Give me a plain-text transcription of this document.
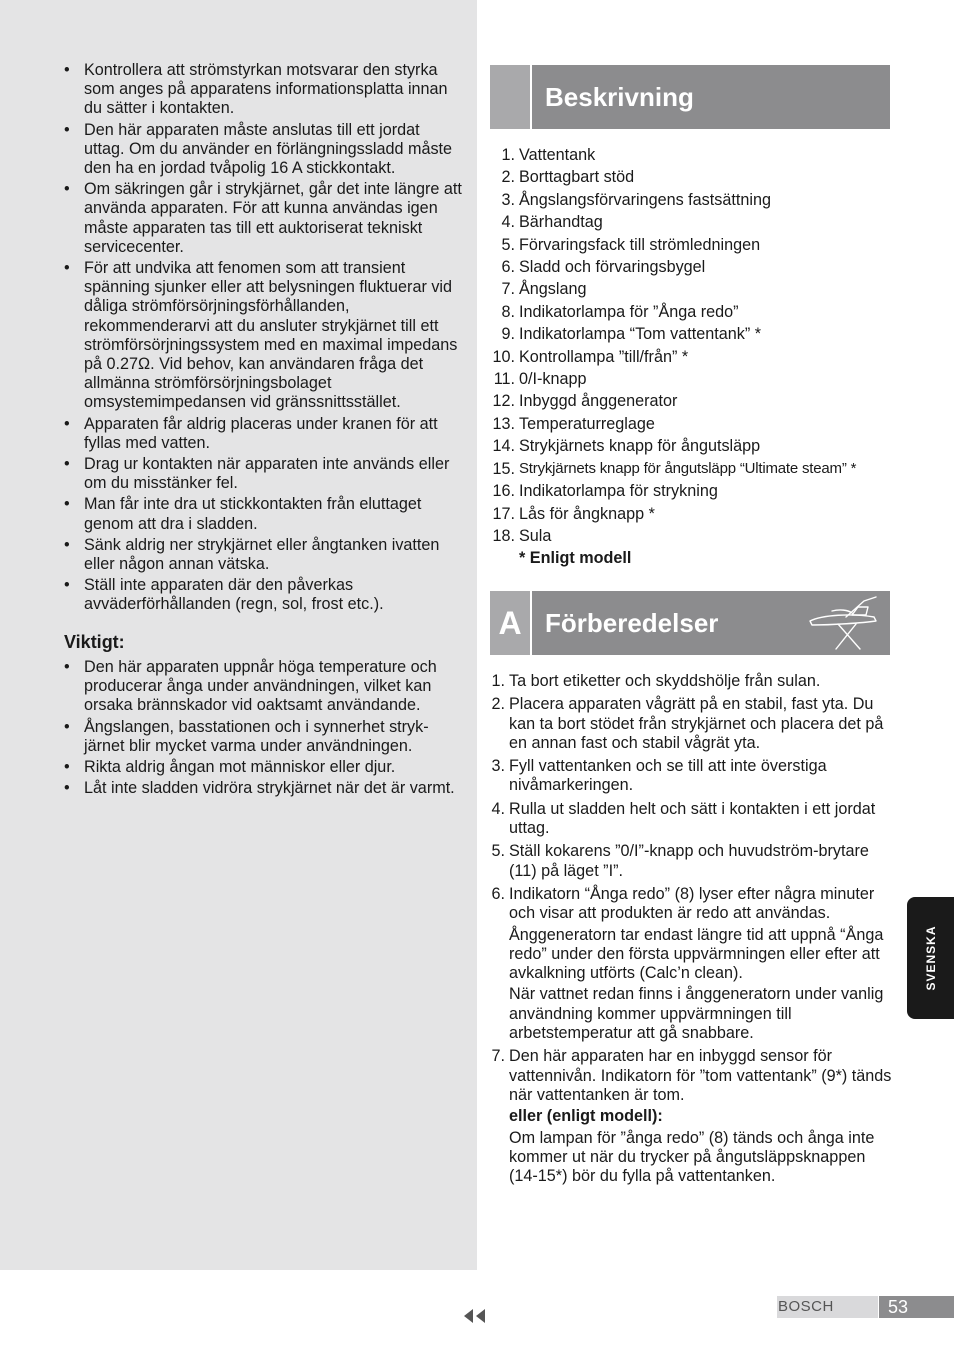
• Kontrollera att strömstyrkan motsvarar den styrka som anges på apparatens informationsplatta innan du sätter i kontakten.
• Den här apparaten måste anslutas till ett jordat uttag. Om du använder en förlängningssladd måste den ha en jordad tvåpolig 16 A stickkontakt.
• Om säkringen går i strykjärnet, går det inte längre att använda apparaten. För att kunna användas igen måste apparaten tas till ett auktoriserat tekniskt servicecenter.
• För att undvika att fenomen som att transient spänning sjunker eller att belysningen fluktuerar vid dåliga strömförsörjningsförhållanden, rekommenderarvi att du ansluter strykjärnet till ett strömförsörjningssystem med en maximal impedans på 0.27Ω. Vid behov, kan användaren fråga det allmänna strömförsörjningsbolaget omsystemimpedansen vid gränssnittsstället.
• Apparaten får aldrig placeras under kranen för att fyllas med vatten.
• Drag ur kontakten när apparaten inte används eller om du misstänker fel.
• Man får inte dra ut stickkontakten från eluttaget genom att dra i sladden.
• Sänk aldrig ner strykjärnet eller ångtanken ivatten eller någon annan vätska.
• Ställ inte apparaten där den påverkas avväderförhållanden (regn, sol, frost etc.).
Viktigt:
• Den här apparaten uppnår höga temperature och producerar ånga under användningen, vilket kan orsaka brännskador vid oaktsamt användande.
• Ångslangen, basstationen och i synnerhet stryk- järnet blir mycket varma under användningen.
• Rikta aldrig ångan mot människor eller djur.
• Låt inte sladden vidröra strykjärnet när det är varmt.
Beskrivning
1. Vattentank
2. Borttagbart stöd
3. Ångslangsförvaringens fastsättning
4. Bärhandtag
5. Förvaringsfack till strömledningen
6. Sladd och förvaringsbygel
7. Ångslang
8. Indikatorlampa för ”Ånga redo”
9. Indikatorlampa “Tom vattentank” *
10. Kontrollampa ”till/från” *
11. 0/I-knapp
12. Inbyggd ånggenerator
13. Temperaturreglage
14. Strykjärnets knapp för ångutsläpp
15. Strykjärnets knapp för ångutsläpp “Ultimate steam” *
16. Indikatorlampa för strykning
17. Lås för ångknapp *
18. Sula
* Enligt modell
A Förberedelser
1. Ta bort etiketter och skyddshölje från sulan.

2. Placera apparaten vågrätt på en stabil, fast yta. Du kan ta bort stödet från strykjärnet och placera det på en annan fast och stabil vågrät yta.

3. Fyll vattentanken och se till att inte överstiga nivåmarkeringen.

4. Rulla ut sladden helt och sätt i kontakten i ett jordat uttag.

5. Ställ kokarens ”0/I”-knapp och huvudström-brytare (11) på läget ”I”.

6. Indikatorn “Ånga redo” (8) lyser efter några minuter och visar att produkten är redo att användas.

Ånggeneratorn tar endast längre tid att uppnå “Ånga redo” under den första uppvärmningen eller efter att avkalkning utförts (Calc’n clean).

När vattnet redan finns i ånggeneratorn under vanlig användning kommer uppvärmningen till arbetstemperatur att gå snabbare.

7. Den här apparaten har en inbyggd sensor för vattennivån. Indikatorn för ”tom vattentank” (9*) tänds när vattentanken är tom.

eller (enligt modell):

Om lampan för ”ånga redo” (8) tänds och ånga inte kommer ut när du trycker på ångutsläppsknappen (14-15*) bör du fylla på vattentanken.

SVENSKA
BOSCH	53
